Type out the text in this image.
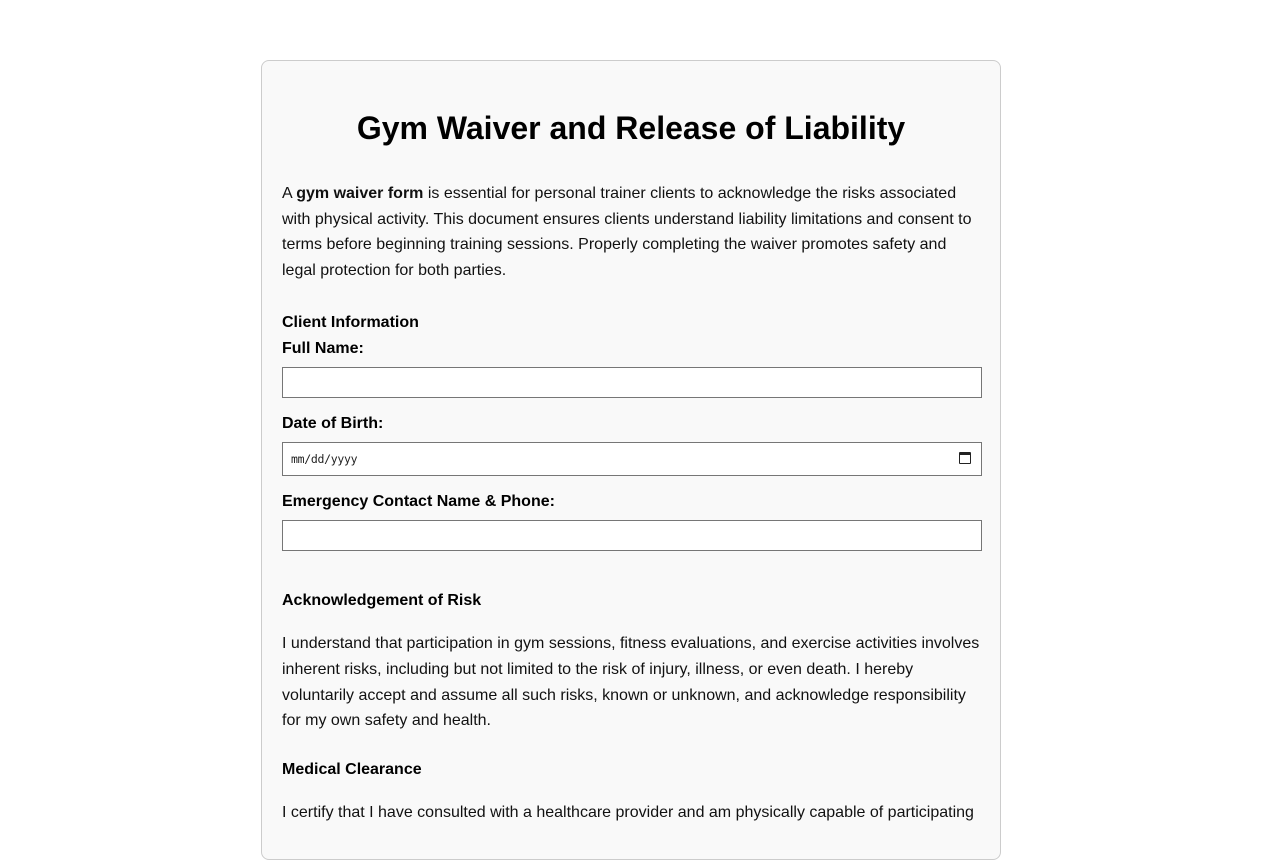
Gym Waiver and Release of Liability

A gym waiver form is essential for personal trainer clients to acknowledge the risks associated with physical activity. This document ensures clients understand liability limitations and consent to terms before beginning training sessions. Properly completing the waiver promotes safety and legal protection for both parties.

Client Information
Full Name:
Date of Birth:
mm/dd/yyyy
Emergency Contact Name & Phone:
Acknowledgement of Risk

I understand that participation in gym sessions, fitness evaluations, and exercise activities involves inherent risks, including but not limited to the risk of injury, illness, or even death. I hereby voluntarily accept and assume all such risks, known or unknown, and acknowledge responsibility for my own safety and health.

Medical Clearance

I certify that I have consulted with a healthcare provider and am physically capable of participating
